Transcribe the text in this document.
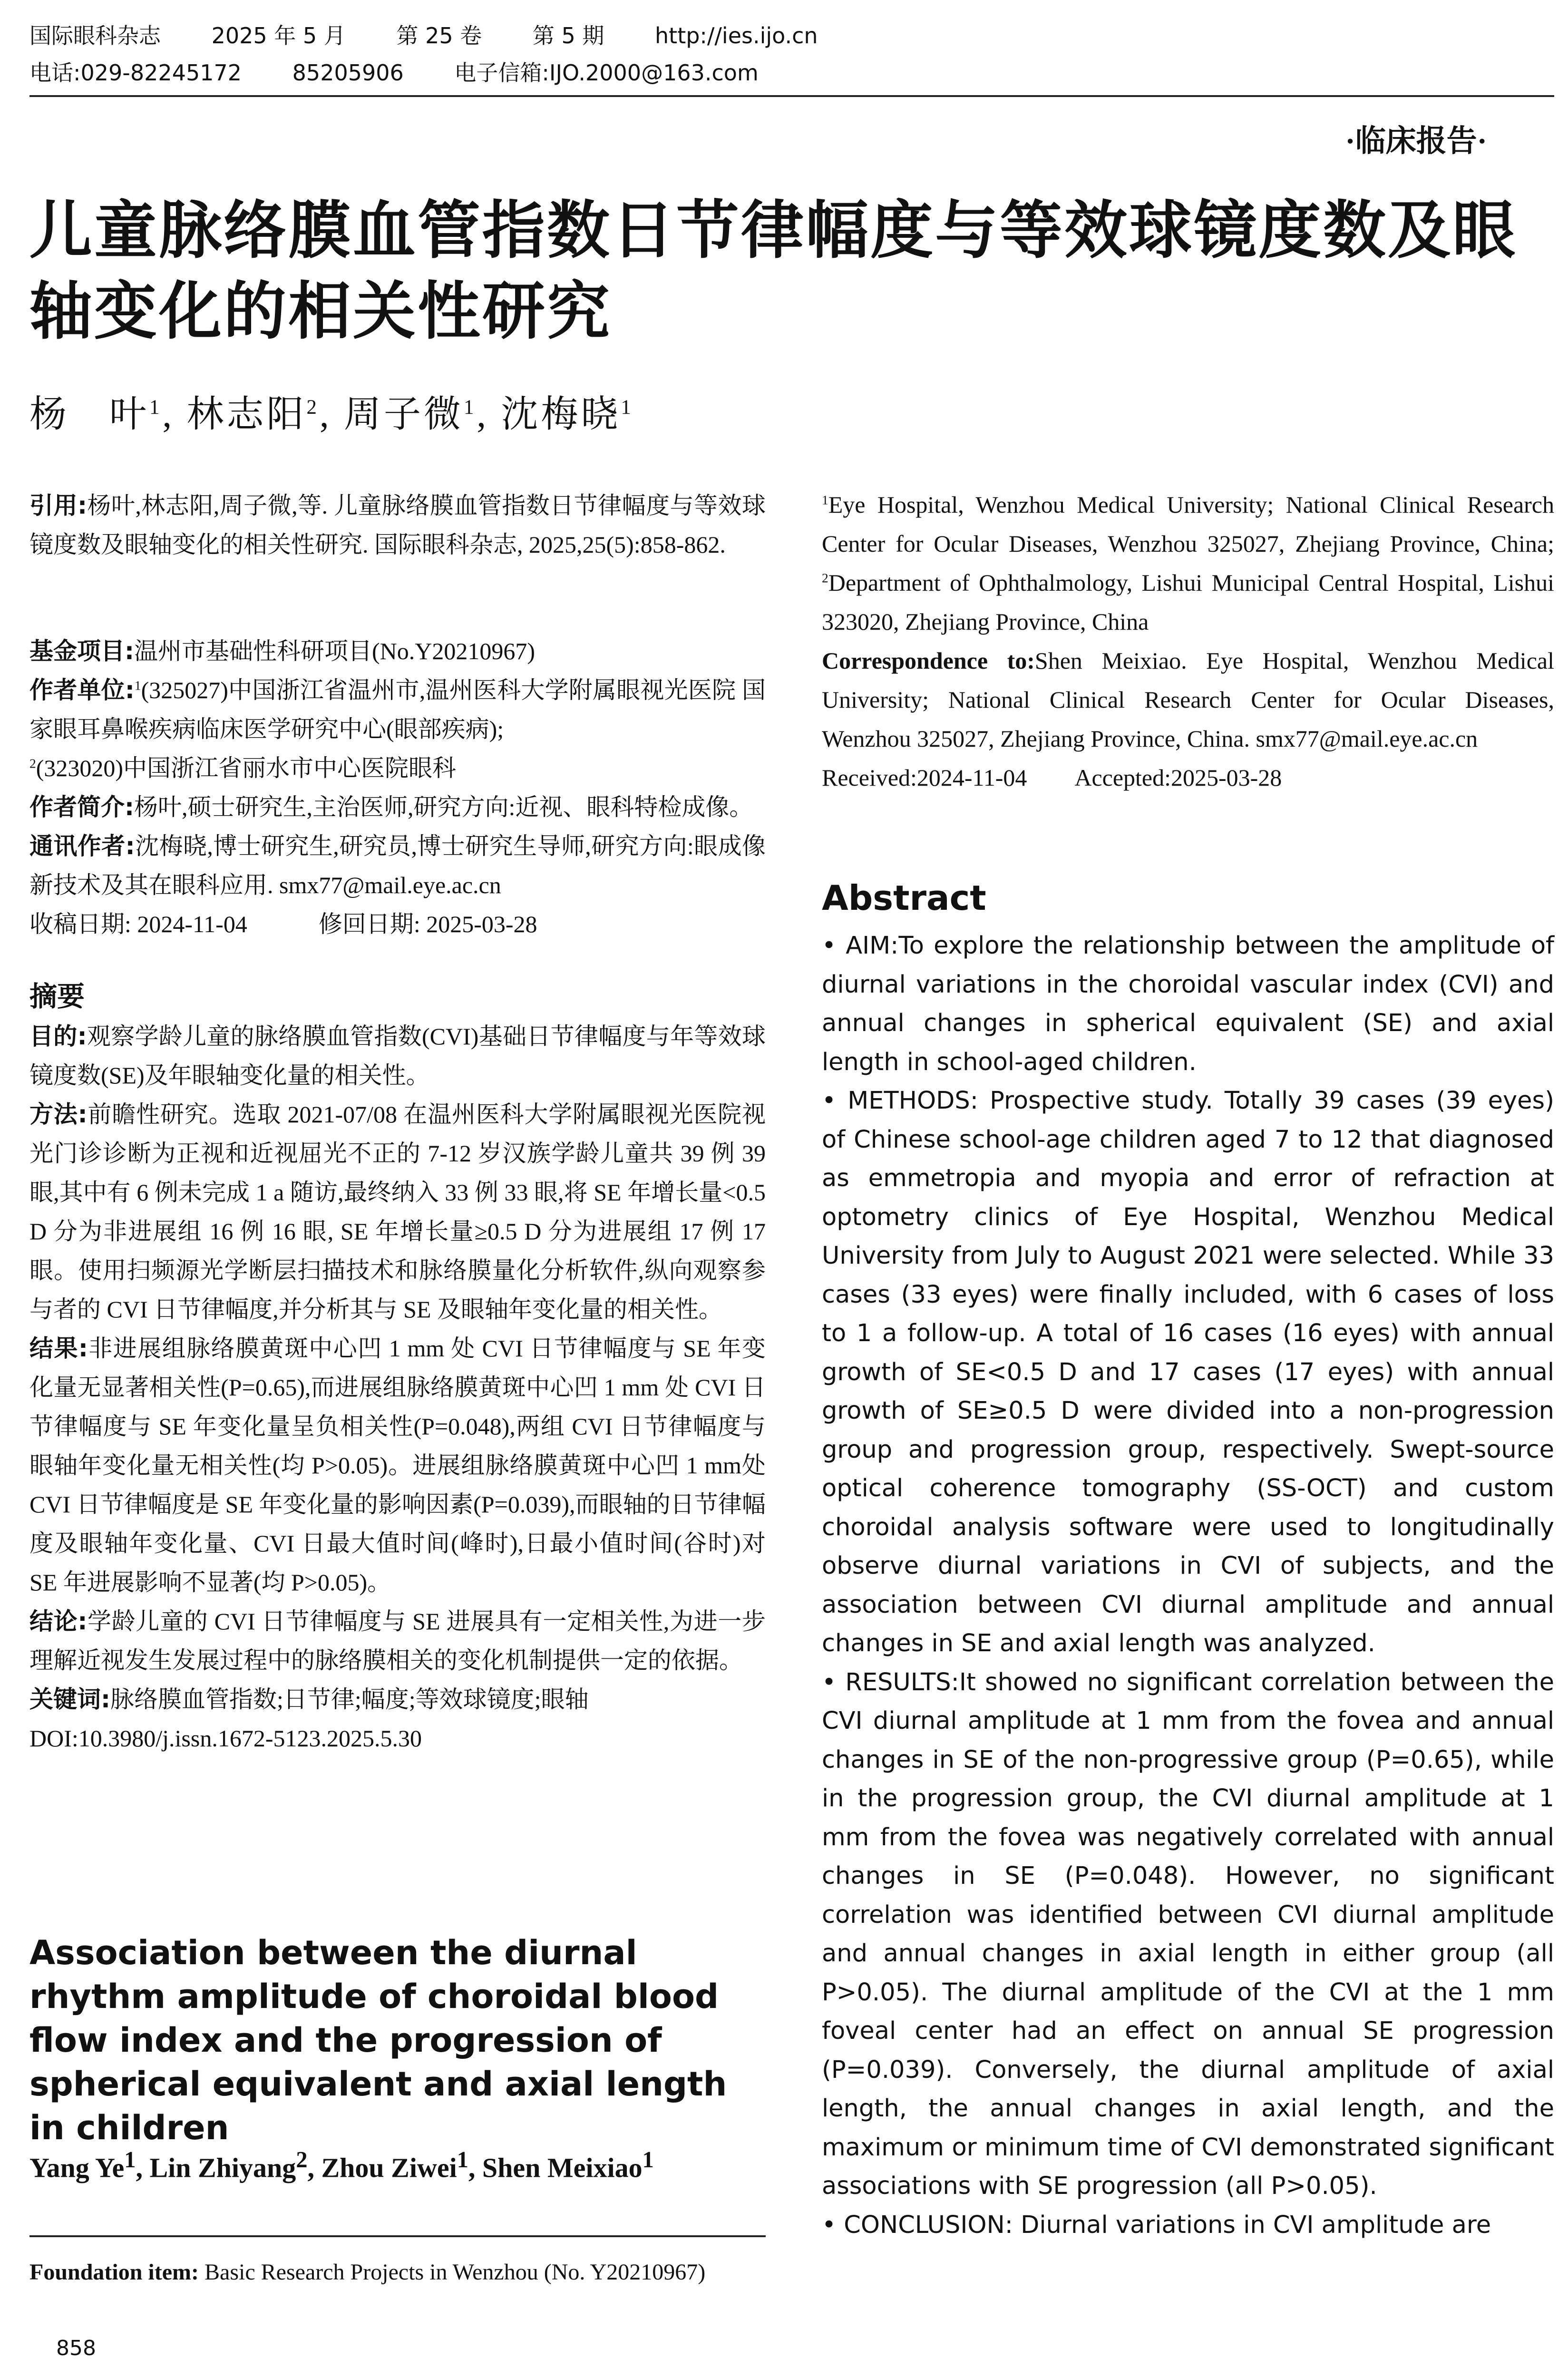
国际眼科杂志 2025 年 5 月 第 25 卷 第 5 期 http://ies.ijo.cn
电话:029-82245172 85205906 电子信箱:IJO.2000@163.com
·临床报告·
儿童脉络膜血管指数日节律幅度与等效球镜度数及眼轴变化的相关性研究
杨　叶$^1$, 林志阳$^2$, 周子微$^1$, 沈梅晓$^1$

引用:杨叶,林志阳,周子微,等. 儿童脉络膜血管指数日节律幅度与等效球镜度数及眼轴变化的相关性研究. 国际眼科杂志, 2025,25(5):858-862.

基金项目:温州市基础性科研项目(No.Y20210967)

作者单位:$^1$(325027)中国浙江省温州市,温州医科大学附属眼视光医院 国家眼耳鼻喉疾病临床医学研究中心(眼部疾病);
$^2$(323020)中国浙江省丽水市中心医院眼科

作者简介:杨叶,硕士研究生,主治医师,研究方向:近视、眼科特检成像。

通讯作者:沈梅晓,博士研究生,研究员,博士研究生导师,研究方向:眼成像新技术及其在眼科应用. smx77@mail.eye.ac.cn

收稿日期: 2024-11-04　　　修回日期: 2025-03-28

摘要

目的:观察学龄儿童的脉络膜血管指数(CVI)基础日节律幅度与年等效球镜度数(SE)及年眼轴变化量的相关性。

方法:前瞻性研究。选取 2021-07/08 在温州医科大学附属眼视光医院视光门诊诊断为正视和近视屈光不正的 7-12 岁汉族学龄儿童共 39 例 39 眼,其中有 6 例未完成 1 a 随访,最终纳入 33 例 33 眼,将 SE 年增长量<0.5 D 分为非进展组 16 例 16 眼, SE 年增长量≥0.5 D 分为进展组 17 例 17 眼。使用扫频源光学断层扫描技术和脉络膜量化分析软件,纵向观察参与者的 CVI 日节律幅度,并分析其与 SE 及眼轴年变化量的相关性。

结果:非进展组脉络膜黄斑中心凹 1 mm 处 CVI 日节律幅度与 SE 年变化量无显著相关性(P=0.65),而进展组脉络膜黄斑中心凹 1 mm 处 CVI 日节律幅度与 SE 年变化量呈负相关性(P=0.048),两组 CVI 日节律幅度与眼轴年变化量无相关性(均 P>0.05)。进展组脉络膜黄斑中心凹 1 mm处 CVI 日节律幅度是 SE 年变化量的影响因素(P=0.039),而眼轴的日节律幅度及眼轴年变化量、CVI 日最大值时间(峰时),日最小值时间(谷时)对 SE 年进展影响不显著(均 P>0.05)。

结论:学龄儿童的 CVI 日节律幅度与 SE 进展具有一定相关性,为进一步理解近视发生发展过程中的脉络膜相关的变化机制提供一定的依据。

关键词:脉络膜血管指数;日节律;幅度;等效球镜度;眼轴

DOI:10.3980/j.issn.1672-5123.2025.5.30

Association between the diurnal rhythm amplitude of choroidal blood flow index and the progression of spherical equivalent and axial length in children
Yang Ye$^1$, Lin Zhiyang$^2$, Zhou Ziwei$^1$, Shen Meixiao$^1$
Foundation item: Basic Research Projects in Wenzhou (No. Y20210967)
858

$^1$Eye Hospital, Wenzhou Medical University; National Clinical Research Center for Ocular Diseases, Wenzhou 325027, Zhejiang Province, China; $^2$Department of Ophthalmology, Lishui Municipal Central Hospital, Lishui 323020, Zhejiang Province, China

Correspondence to:Shen Meixiao. Eye Hospital, Wenzhou Medical University; National Clinical Research Center for Ocular Diseases, Wenzhou 325027, Zhejiang Province, China. smx77@mail.eye.ac.cn

Received:2024-11-04　　Accepted:2025-03-28

Abstract

• AIM:To explore the relationship between the amplitude of diurnal variations in the choroidal vascular index (CVI) and annual changes in spherical equivalent (SE) and axial length in school-aged children.

• METHODS: Prospective study. Totally 39 cases (39 eyes) of Chinese school-age children aged 7 to 12 that diagnosed as emmetropia and myopia and error of refraction at optometry clinics of Eye Hospital, Wenzhou Medical University from July to August 2021 were selected. While 33 cases (33 eyes) were finally included, with 6 cases of loss to 1 a follow-up. A total of 16 cases (16 eyes) with annual growth of SE<0.5 D and 17 cases (17 eyes) with annual growth of SE≥0.5 D were divided into a non-progression group and progression group, respectively. Swept-source optical coherence tomography (SS-OCT) and custom choroidal analysis software were used to longitudinally observe diurnal variations in CVI of subjects, and the association between CVI diurnal amplitude and annual changes in SE and axial length was analyzed.

• RESULTS:It showed no significant correlation between the CVI diurnal amplitude at 1 mm from the fovea and annual changes in SE of the non-progressive group (P=0.65), while in the progression group, the CVI diurnal amplitude at 1 mm from the fovea was negatively correlated with annual changes in SE (P=0.048). However, no significant correlation was identified between CVI diurnal amplitude and annual changes in axial length in either group (all P>0.05). The diurnal amplitude of the CVI at the 1 mm foveal center had an effect on annual SE progression (P=0.039). Conversely, the diurnal amplitude of axial length, the annual changes in axial length, and the maximum or minimum time of CVI demonstrated significant associations with SE progression (all P>0.05).

• CONCLUSION: Diurnal variations in CVI amplitude are
